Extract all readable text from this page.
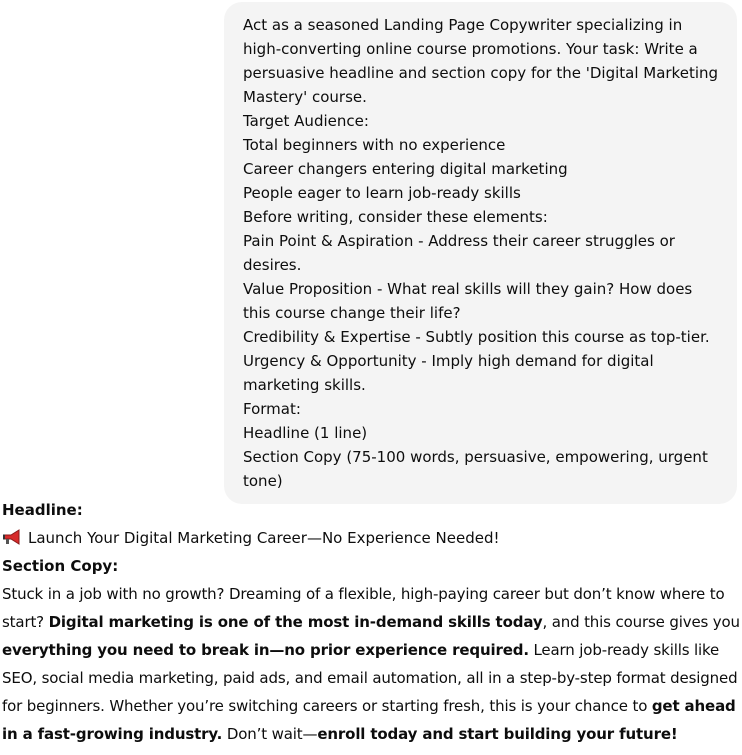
Act as a seasoned Landing Page Copywriter specializing in high-converting online course promotions. Your task: Write a persuasive headline and section copy for the 'Digital Marketing Mastery' course.
Target Audience:
Total beginners with no experience
Career changers entering digital marketing
People eager to learn job-ready skills
Before writing, consider these elements:
Pain Point & Aspiration - Address their career struggles or desires.
Value Proposition - What real skills will they gain? How does this course change their life?
Credibility & Expertise - Subtly position this course as top-tier.
Urgency & Opportunity - Imply high demand for digital marketing skills.
Format:
Headline (1 line)
Section Copy (75-100 words, persuasive, empowering, urgent tone)
Headline:
Launch Your Digital Marketing Career—No Experience Needed!
Section Copy:
Stuck in a job with no growth? Dreaming of a flexible, high-paying career but don’t know where to start? Digital marketing is one of the most in-demand skills today, and this course gives you everything you need to break in—no prior experience required. Learn job-ready skills like SEO, social media marketing, paid ads, and email automation, all in a step-by-step format designed for beginners. Whether you’re switching careers or starting fresh, this is your chance to get ahead in a fast-growing industry. Don’t wait—enroll today and start building your future!
